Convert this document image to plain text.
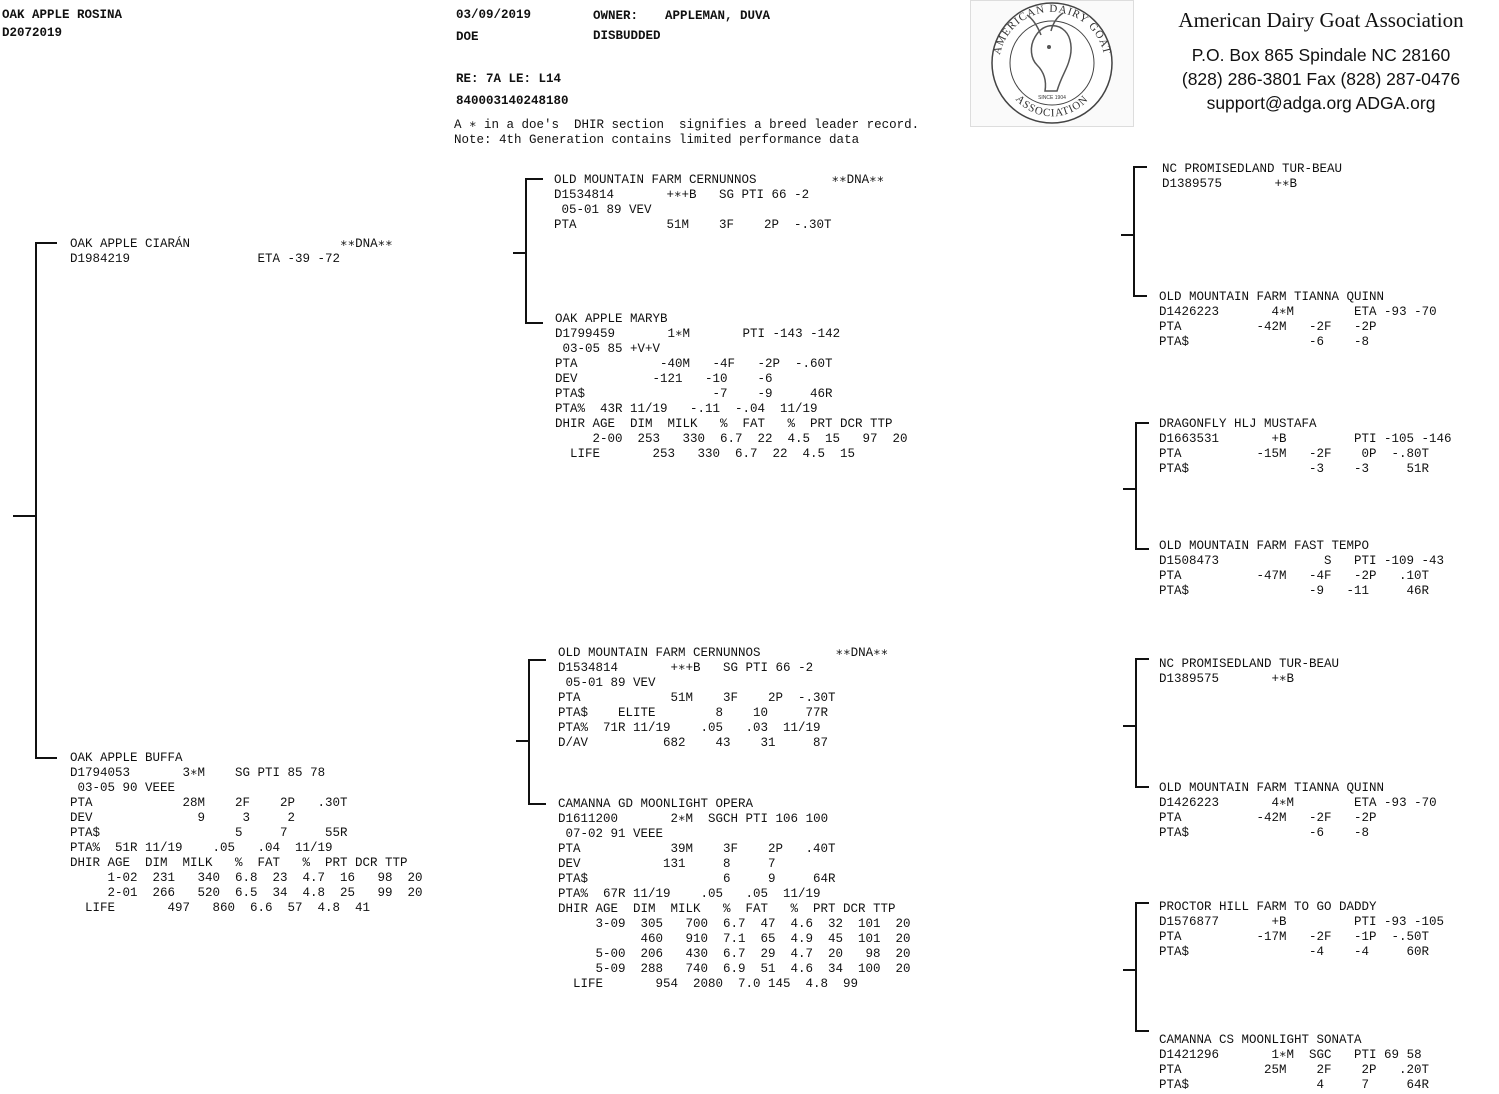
OAK APPLE ROSINA
D2072019
03/09/2019
DOE
OWNER: APPLEMAN, DUVA
DISBUDDED
RE: 7A LE: L14
840003140248180
A ∗ in a doe's  DHIR section  signifies a breed leader record.
Note: 4th Generation contains limited performance data
AMERICAN DAIRY GOAT
ASSOCIATION
SINCE 1904
American Dairy Goat Association
P.O. Box 865 Spindale NC 28160
(828) 286-3801 Fax (828) 287-0476
support@adga.org ADGA.org
OAK APPLE CIARÁN                    ∗∗DNA∗∗
D1984219                 ETA -39 -72
OAK APPLE BUFFA
D1794053       3∗M    SG PTI 85 78
03-05 90 VEEE
PTA            28M    2F    2P   .30T
DEV              9     3     2
PTA$                  5     7     55R
PTA%  51R 11/19    .05   .04  11/19
DHIR AGE  DIM  MILK   %  FAT   %  PRT DCR TTP
1-02  231   340  6.8  23  4.7  16   98  20
2-01  266   520  6.5  34  4.8  25   99  20
LIFE       497   860  6.6  57  4.8  41
OLD MOUNTAIN FARM CERNUNNOS          ∗∗DNA∗∗
D1534814       +∗+B   SG PTI 66 -2
05-01 89 VEV
PTA            51M    3F    2P  -.30T
OAK APPLE MARYB
D1799459       1∗M       PTI -143 -142
03-05 85 +V+V
PTA           -40M   -4F   -2P  -.60T
DEV          -121   -10    -6
PTA$                 -7    -9     46R
PTA%  43R 11/19   -.11  -.04  11/19
DHIR AGE  DIM  MILK   %  FAT   %  PRT DCR TTP
2-00  253   330  6.7  22  4.5  15   97  20
LIFE       253   330  6.7  22  4.5  15
OLD MOUNTAIN FARM CERNUNNOS          ∗∗DNA∗∗
D1534814       +∗+B   SG PTI 66 -2
05-01 89 VEV
PTA            51M    3F    2P  -.30T
PTA$    ELITE        8    10     77R
PTA%  71R 11/19    .05   .03  11/19
D/AV          682    43    31     87
CAMANNA GD MOONLIGHT OPERA
D1611200       2∗M  SGCH PTI 106 100
07-02 91 VEEE
PTA            39M    3F    2P   .40T
DEV           131     8     7
PTA$                  6     9     64R
PTA%  67R 11/19    .05   .05  11/19
DHIR AGE  DIM  MILK   %  FAT   %  PRT DCR TTP
3-09  305   700  6.7  47  4.6  32  101  20
460   910  7.1  65  4.9  45  101  20
5-00  206   430  6.7  29  4.7  20   98  20
5-09  288   740  6.9  51  4.6  34  100  20
LIFE       954  2080  7.0 145  4.8  99
NC PROMISEDLAND TUR-BEAU
D1389575       +∗B
OLD MOUNTAIN FARM TIANNA QUINN
D1426223       4∗M        ETA -93 -70
PTA          -42M   -2F   -2P
PTA$                -6    -8
DRAGONFLY HLJ MUSTAFA
D1663531       +B         PTI -105 -146
PTA          -15M   -2F    0P  -.80T
PTA$                -3    -3     51R
OLD MOUNTAIN FARM FAST TEMPO
D1508473              S   PTI -109 -43
PTA          -47M   -4F   -2P   .10T
PTA$                -9   -11     46R
NC PROMISEDLAND TUR-BEAU
D1389575       +∗B
OLD MOUNTAIN FARM TIANNA QUINN
D1426223       4∗M        ETA -93 -70
PTA          -42M   -2F   -2P
PTA$                -6    -8
PROCTOR HILL FARM TO GO DADDY
D1576877       +B         PTI -93 -105
PTA          -17M   -2F   -1P  -.50T
PTA$                -4    -4     60R
CAMANNA CS MOONLIGHT SONATA
D1421296       1∗M  SGC   PTI 69 58
PTA           25M    2F    2P   .20T
PTA$                 4     7     64R
